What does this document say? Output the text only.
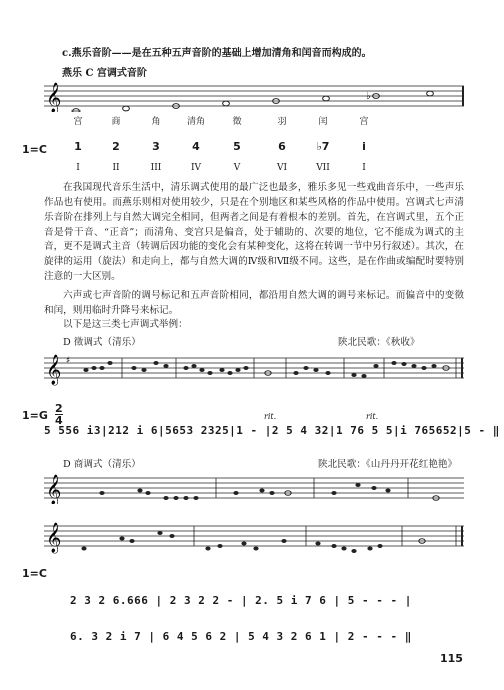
c.燕乐音阶——是在五种五声音阶的基础上增加清角和闰音而构成的。
燕乐 C 宫调式音阶
𝄞	♭
宫	商	角	清角	徵	羽	闰	宫
1=C	1	2	3	4	5	6	♭7	i
I	II	III	IV	V	VI	VII	I
在我国现代音乐生活中，清乐调式使用的最广泛也最多，雅乐多见一些戏曲音乐中，一些声乐作品也有使用。而燕乐则相对使用较少，只是在个别地区和某些风格的作品中使用。宫调式七声清乐音阶在排列上与自然大调完全相同，但两者之间是有着根本的差别。首先，在宫调式里，五个正音是骨干音、“正音”；而清角、变宫只是偏音，处于辅助的、次要的地位，它不能成为调式的主音，更不是调式主音（转调后因功能的变化会有某种变化，这将在转调一节中另行叙述）。其次，在旋律的运用（旋法）和走向上，都与自然大调的Ⅳ级和Ⅶ级不同。这些，是在作曲或编配时要特别注意的一大区别。
六声或七声音阶的调号标记和五声音阶相同，都沿用自然大调的调号来标记。而偏音中的变徵和闰，则用临时升降号来标记。
以下是这三类七声调式举例：
D 徵调式（清乐）	陕北民歌：《秋收》
𝄞 ♯
$1=G \frac{2}{4}$	rit.	rit.
5 556 i3|212 i 6|5653 2325|1 - |2 5 4 32|1 76 5 5|i 765652|5 - ‖
D 商调式（清乐）	陕北民歌：《山丹丹开花红艳艳》
𝄞
𝄞
1=C
2 3 2 6.666 | 2 3 2 2 - | 2. 5 i 7 6 | 5 - - - |
6. 3 2 i 7 | 6 4 5 6 2 | 5 4 3 2 6 1 | 2 - - - ‖
115
